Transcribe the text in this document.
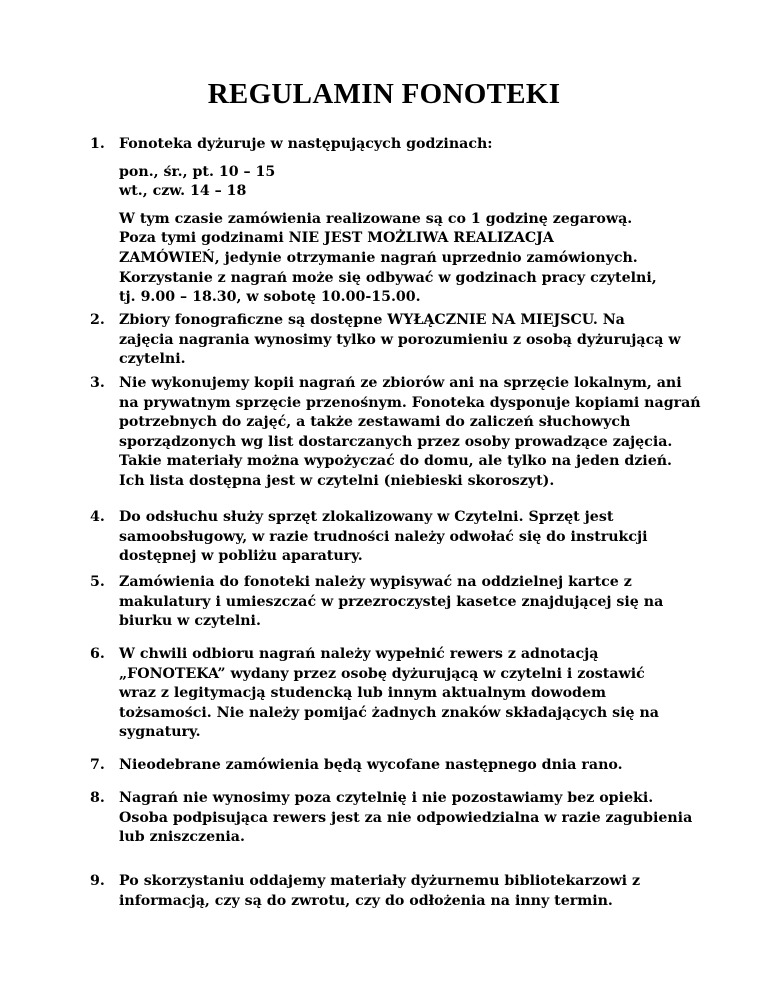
REGULAMIN FONOTEKI
1. Fonoteka dyżuruje w następujących godzinach:
pon., śr., pt. 10 – 15
wt., czw. 14 – 18
W tym czasie zamówienia realizowane są co 1 godzinę zegarową.
Poza tymi godzinami NIE JEST MOŻLIWA REALIZACJA
ZAMÓWIEŃ, jedynie otrzymanie nagrań uprzednio zamówionych.
Korzystanie z nagrań może się odbywać w godzinach pracy czytelni,
tj. 9.00 – 18.30, w sobotę 10.00-15.00.
2. Zbiory fonograficzne są dostępne WYŁĄCZNIE NA MIEJSCU. Na
zajęcia nagrania wynosimy tylko w porozumieniu z osobą dyżurującą w
czytelni.
3. Nie wykonujemy kopii nagrań ze zbiorów ani na sprzęcie lokalnym, ani
na prywatnym sprzęcie przenośnym. Fonoteka dysponuje kopiami nagrań
potrzebnych do zajęć, a także zestawami do zaliczeń słuchowych
sporządzonych wg list dostarczanych przez osoby prowadzące zajęcia.
Takie materiały można wypożyczać do domu, ale tylko na jeden dzień.
Ich lista dostępna jest w czytelni (niebieski skoroszyt).
4. Do odsłuchu służy sprzęt zlokalizowany w Czytelni. Sprzęt jest
samoobsługowy, w razie trudności należy odwołać się do instrukcji
dostępnej w pobliżu aparatury.
5. Zamówienia do fonoteki należy wypisywać na oddzielnej kartce z
makulatury i umieszczać w przezroczystej kasetce znajdującej się na
biurku w czytelni.
6. W chwili odbioru nagrań należy wypełnić rewers z adnotacją
„FONOTEKA” wydany przez osobę dyżurującą w czytelni i zostawić
wraz z legitymacją studencką lub innym aktualnym dowodem
tożsamości. Nie należy pomijać żadnych znaków składających się na
sygnatury.
7. Nieodebrane zamówienia będą wycofane następnego dnia rano.
8. Nagrań nie wynosimy poza czytelnię i nie pozostawiamy bez opieki.
Osoba podpisująca rewers jest za nie odpowiedzialna w razie zagubienia
lub zniszczenia.
9. Po skorzystaniu oddajemy materiały dyżurnemu bibliotekarzowi z
informacją, czy są do zwrotu, czy do odłożenia na inny termin.
